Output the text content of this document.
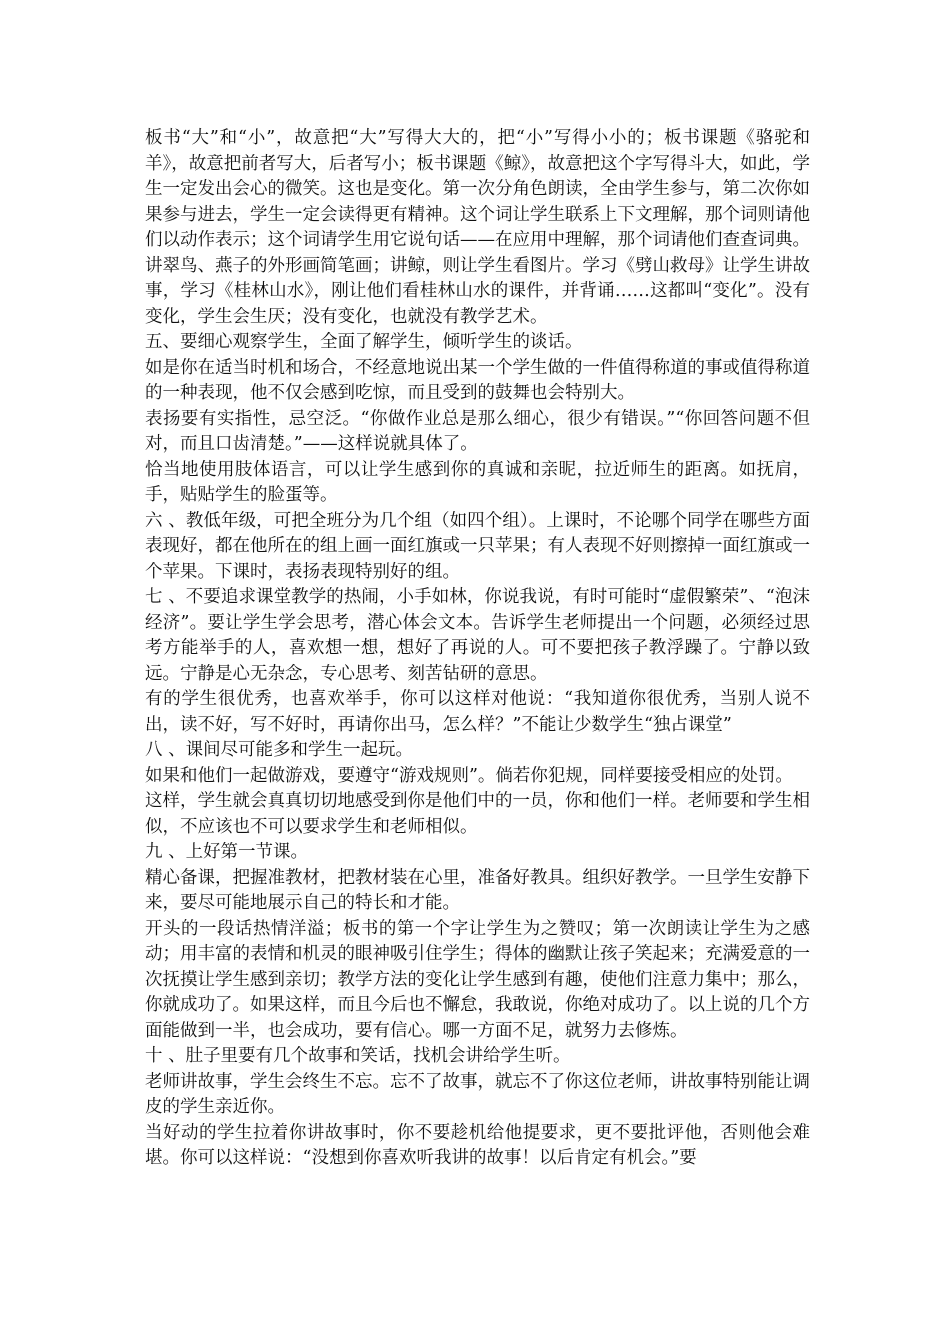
板书“大”和“小”，故意把“大”写得大大的，把“小”写得小小的；板书课题《骆驼和羊》，故意把前者写大，后者写小；板书课题《鲸》，故意把这个字写得斗大，如此，学生一定发出会心的微笑。这也是变化。第一次分角色朗读，全由学生参与，第二次你如果参与进去，学生一定会读得更有精神。这个词让学生联系上下文理解，那个词则请他们以动作表示；这个词请学生用它说句话——在应用中理解，那个词请他们查查词典。讲翠鸟、燕子的外形画简笔画；讲鲸，则让学生看图片。学习《劈山救母》让学生讲故事，学习《桂林山水》，刚让他们看桂林山水的课件，并背诵……这都叫“变化”。没有变化，学生会生厌；没有变化，也就没有教学艺术。

五、要细心观察学生，全面了解学生，倾听学生的谈话。

如是你在适当时机和场合，不经意地说出某一个学生做的一件值得称道的事或值得称道的一种表现，他不仅会感到吃惊，而且受到的鼓舞也会特别大。

表扬要有实指性，忌空泛。“你做作业总是那么细心，很少有错误。”“你回答问题不但对，而且口齿清楚。”——这样说就具体了。

恰当地使用肢体语言，可以让学生感到你的真诚和亲昵，拉近师生的距离。如抚肩，手，贴贴学生的脸蛋等。

六 、教低年级，可把全班分为几个组（如四个组）。上课时，不论哪个同学在哪些方面表现好，都在他所在的组上画一面红旗或一只苹果；有人表现不好则擦掉一面红旗或一个苹果。下课时，表扬表现特别好的组。

七 、不要追求课堂教学的热闹，小手如林，你说我说，有时可能时“虚假繁荣”、“泡沫经济”。要让学生学会思考，潜心体会文本。告诉学生老师提出一个问题，必须经过思考方能举手的人，喜欢想一想，想好了再说的人。可不要把孩子教浮躁了。宁静以致远。宁静是心无杂念，专心思考、刻苦钻研的意思。

有的学生很优秀，也喜欢举手，你可以这样对他说：“我知道你很优秀，当别人说不出，读不好，写不好时，再请你出马，怎么样？”不能让少数学生“独占课堂”

八 、课间尽可能多和学生一起玩。

如果和他们一起做游戏，要遵守“游戏规则”。倘若你犯规，同样要接受相应的处罚。

这样，学生就会真真切切地感受到你是他们中的一员，你和他们一样。老师要和学生相似，不应该也不可以要求学生和老师相似。

九 、上好第一节课。

精心备课，把握准教材，把教材装在心里，准备好教具。组织好教学。一旦学生安静下来，要尽可能地展示自己的特长和才能。

开头的一段话热情洋溢；板书的第一个字让学生为之赞叹；第一次朗读让学生为之感动；用丰富的表情和机灵的眼神吸引住学生；得体的幽默让孩子笑起来；充满爱意的一次抚摸让学生感到亲切；教学方法的变化让学生感到有趣，使他们注意力集中；那么，你就成功了。如果这样，而且今后也不懈怠，我敢说，你绝对成功了。以上说的几个方面能做到一半，也会成功，要有信心。哪一方面不足，就努力去修炼。

十 、肚子里要有几个故事和笑话，找机会讲给学生听。

老师讲故事，学生会终生不忘。忘不了故事，就忘不了你这位老师，讲故事特别能让调皮的学生亲近你。

当好动的学生拉着你讲故事时，你不要趁机给他提要求，更不要批评他，否则他会难堪。你可以这样说：“没想到你喜欢听我讲的故事！以后肯定有机会。”要
